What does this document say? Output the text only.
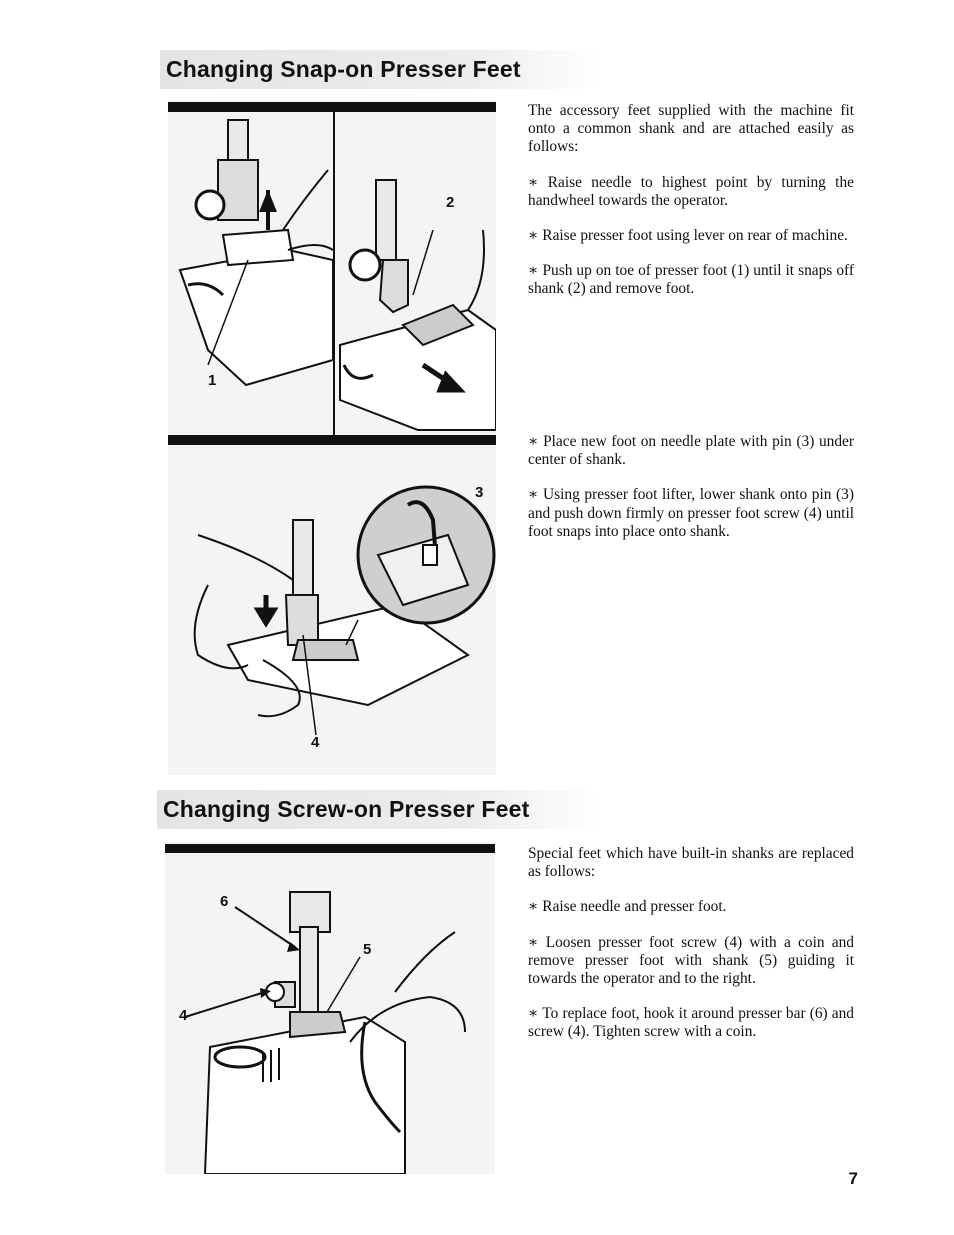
Changing Snap-on Presser Feet
1
2
3
4

The accessory feet supplied with the machine fit onto a common shank and are attached easily as follows:

∗ Raise needle to highest point by turning the handwheel towards the operator.

∗ Raise presser foot using lever on rear of machine.

∗ Push up on toe of presser foot (1) until it snaps off shank (2) and remove foot.

∗ Place new foot on needle plate with pin (3) under center of shank.

∗ Using presser foot lifter, lower shank onto pin (3) and push down firmly on presser foot screw (4) until foot snaps into place onto shank.

Changing Screw-on Presser Feet
6
5
4

Special feet which have built-in shanks are replaced as follows:

∗ Raise needle and presser foot.

∗ Loosen presser foot screw (4) with a coin and remove presser foot with shank (5) guiding it towards the operator and to the right.

∗ To replace foot, hook it around presser bar (6) and screw (4). Tighten screw with a coin.

7
